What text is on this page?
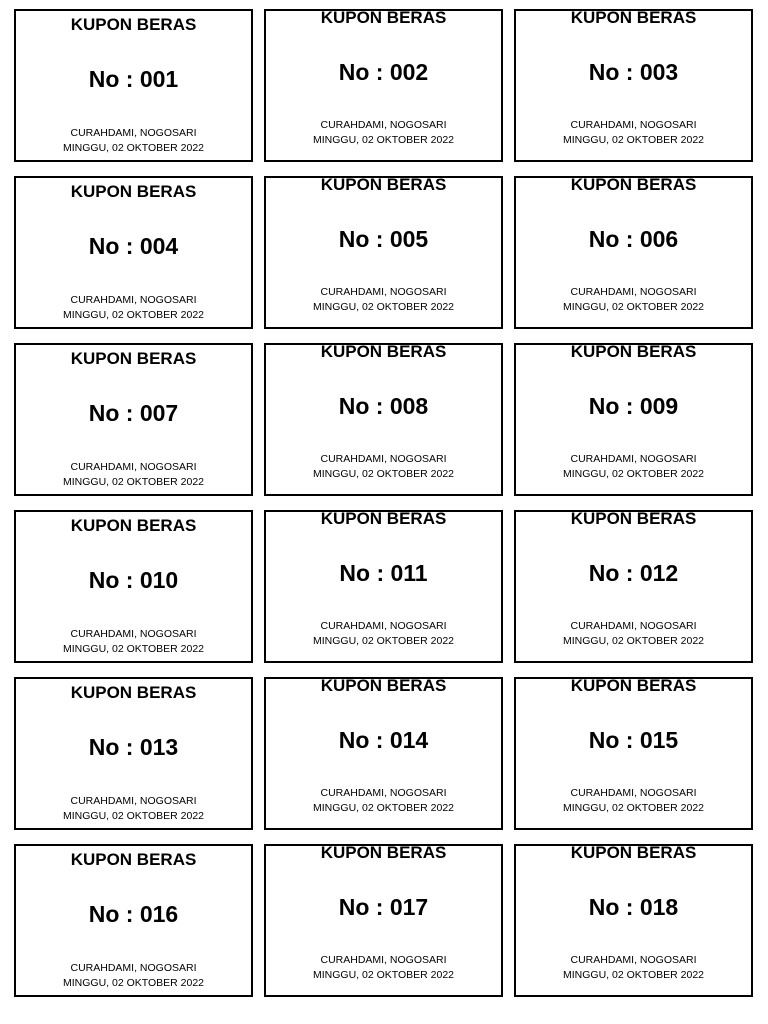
KUPON BERAS
No : 001
CURAHDAMI, NOGOSARI
MINGGU, 02 OKTOBER 2022
KUPON BERAS
No : 002
CURAHDAMI, NOGOSARI
MINGGU, 02 OKTOBER 2022
KUPON BERAS
No : 003
CURAHDAMI, NOGOSARI
MINGGU, 02 OKTOBER 2022
KUPON BERAS
No : 004
CURAHDAMI, NOGOSARI
MINGGU, 02 OKTOBER 2022
KUPON BERAS
No : 005
CURAHDAMI, NOGOSARI
MINGGU, 02 OKTOBER 2022
KUPON BERAS
No : 006
CURAHDAMI, NOGOSARI
MINGGU, 02 OKTOBER 2022
KUPON BERAS
No : 007
CURAHDAMI, NOGOSARI
MINGGU, 02 OKTOBER 2022
KUPON BERAS
No : 008
CURAHDAMI, NOGOSARI
MINGGU, 02 OKTOBER 2022
KUPON BERAS
No : 009
CURAHDAMI, NOGOSARI
MINGGU, 02 OKTOBER 2022
KUPON BERAS
No : 010
CURAHDAMI, NOGOSARI
MINGGU, 02 OKTOBER 2022
KUPON BERAS
No : 011
CURAHDAMI, NOGOSARI
MINGGU, 02 OKTOBER 2022
KUPON BERAS
No : 012
CURAHDAMI, NOGOSARI
MINGGU, 02 OKTOBER 2022
KUPON BERAS
No : 013
CURAHDAMI, NOGOSARI
MINGGU, 02 OKTOBER 2022
KUPON BERAS
No : 014
CURAHDAMI, NOGOSARI
MINGGU, 02 OKTOBER 2022
KUPON BERAS
No : 015
CURAHDAMI, NOGOSARI
MINGGU, 02 OKTOBER 2022
KUPON BERAS
No : 016
CURAHDAMI, NOGOSARI
MINGGU, 02 OKTOBER 2022
KUPON BERAS
No : 017
CURAHDAMI, NOGOSARI
MINGGU, 02 OKTOBER 2022
KUPON BERAS
No : 018
CURAHDAMI, NOGOSARI
MINGGU, 02 OKTOBER 2022
